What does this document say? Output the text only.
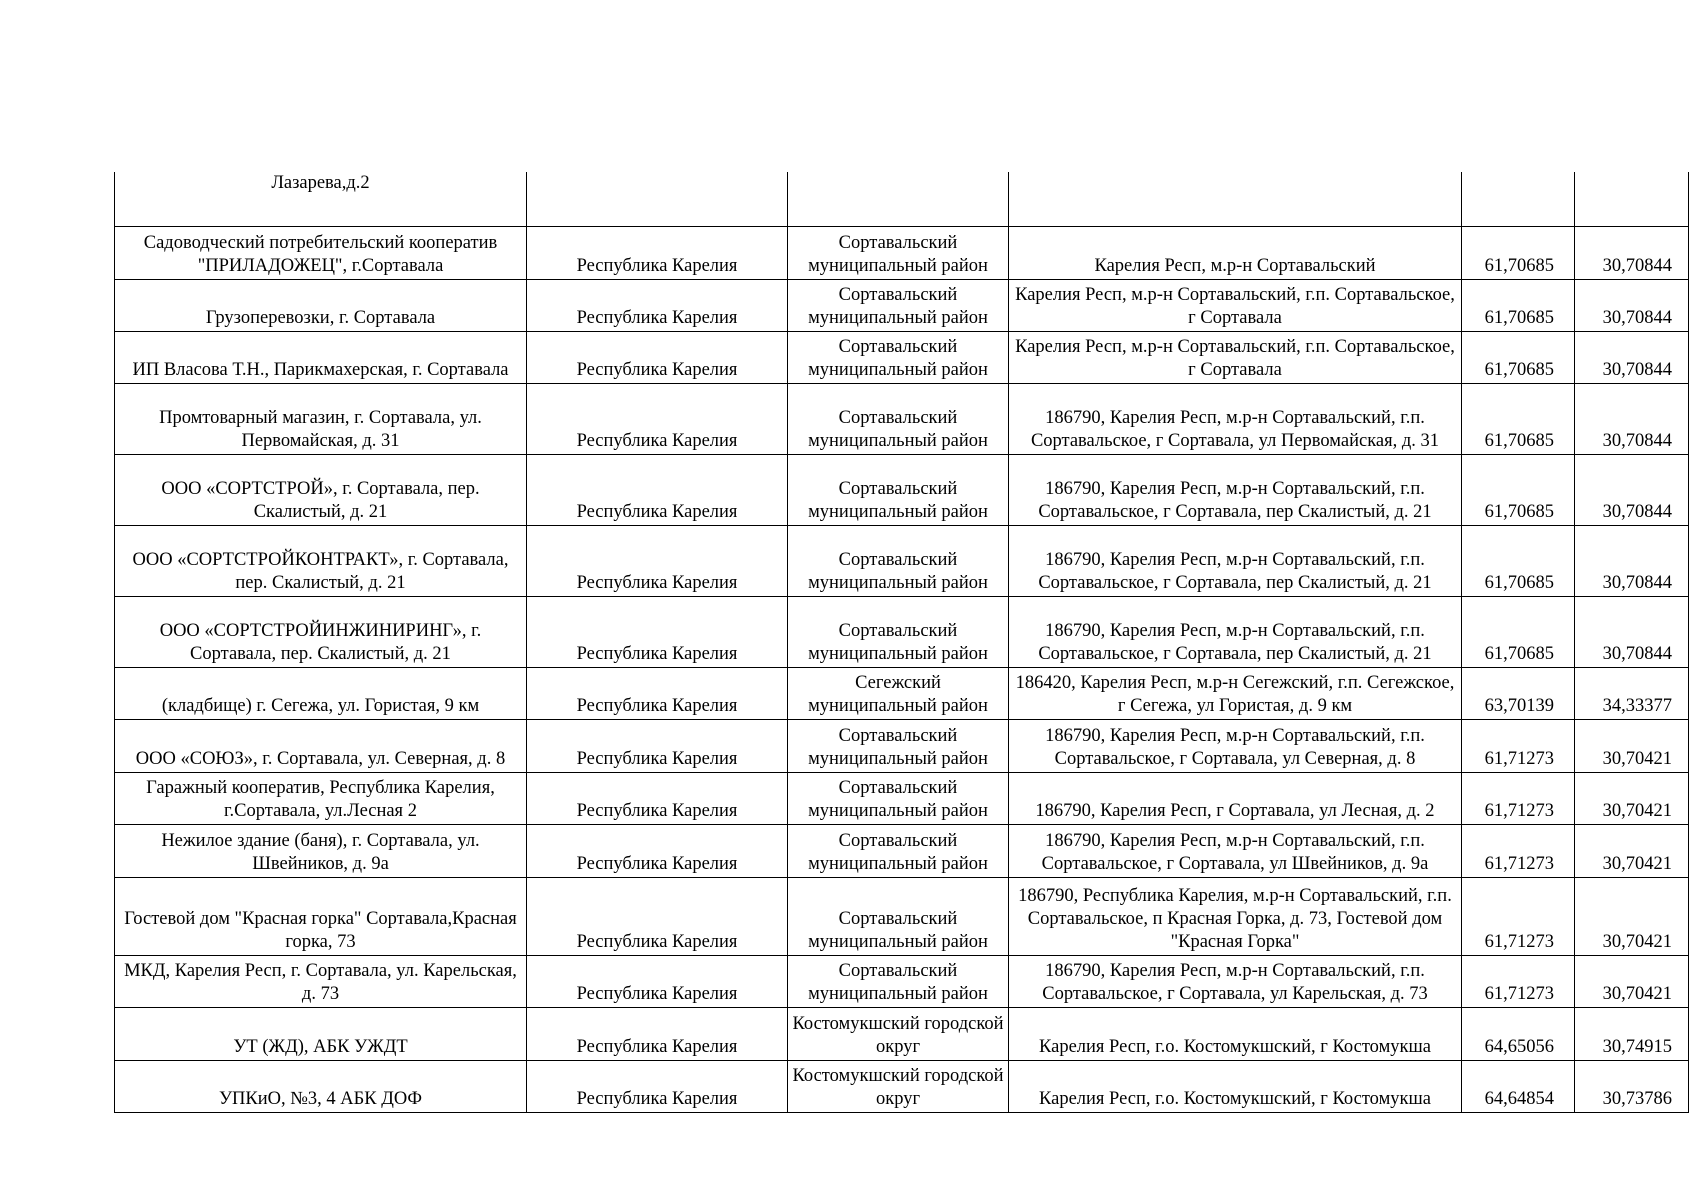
Лазарева,д.2					
Садоводческий потребительский кооператив "ПРИЛАДОЖЕЦ", г.Сортавала	Республика Карелия	Сортавальский муниципальный район	Карелия Респ, м.р-н Сортавальский	61,70685	30,70844
Грузоперевозки, г. Сортавала	Республика Карелия	Сортавальский муниципальный район	Карелия Респ, м.р-н Сортавальский, г.п. Сортавальское, г Сортавала	61,70685	30,70844
ИП Власова Т.Н., Парикмахерская, г. Сортавала	Республика Карелия	Сортавальский муниципальный район	Карелия Респ, м.р-н Сортавальский, г.п. Сортавальское, г Сортавала	61,70685	30,70844
Промтоварный магазин, г. Сортавала, ул. Первомайская, д. 31	Республика Карелия	Сортавальский муниципальный район	186790, Карелия Респ, м.р-н Сортавальский, г.п. Сортавальское, г Сортавала, ул Первомайская, д. 31	61,70685	30,70844
ООО «СОРТСТРОЙ», г. Сортавала, пер. Скалистый, д. 21	Республика Карелия	Сортавальский муниципальный район	186790, Карелия Респ, м.р-н Сортавальский, г.п. Сортавальское, г Сортавала, пер Скалистый, д. 21	61,70685	30,70844
ООО «СОРТСТРОЙКОНТРАКТ», г. Сортавала, пер. Скалистый, д. 21	Республика Карелия	Сортавальский муниципальный район	186790, Карелия Респ, м.р-н Сортавальский, г.п. Сортавальское, г Сортавала, пер Скалистый, д. 21	61,70685	30,70844
ООО «СОРТСТРОЙИНЖИНИРИНГ», г. Сортавала, пер. Скалистый, д. 21	Республика Карелия	Сортавальский муниципальный район	186790, Карелия Респ, м.р-н Сортавальский, г.п. Сортавальское, г Сортавала, пер Скалистый, д. 21	61,70685	30,70844
(кладбище) г. Сегежа, ул. Гористая, 9 км	Республика Карелия	Сегежский муниципальный район	186420, Карелия Респ, м.р-н Сегежский, г.п. Сегежское, г Сегежа, ул Гористая, д. 9 км	63,70139	34,33377
ООО «СОЮЗ», г. Сортавала, ул. Северная, д. 8	Республика Карелия	Сортавальский муниципальный район	186790, Карелия Респ, м.р-н Сортавальский, г.п. Сортавальское, г Сортавала, ул Северная, д. 8	61,71273	30,70421
Гаражный кооператив, Республика Карелия, г.Сортавала, ул.Лесная 2	Республика Карелия	Сортавальский муниципальный район	186790, Карелия Респ, г Сортавала, ул Лесная, д. 2	61,71273	30,70421
Нежилое здание (баня), г. Сортавала, ул. Швейников, д. 9а	Республика Карелия	Сортавальский муниципальный район	186790, Карелия Респ, м.р-н Сортавальский, г.п. Сортавальское, г Сортавала, ул Швейников, д. 9а	61,71273	30,70421
Гостевой дом "Красная горка" Сортавала,Красная горка, 73	Республика Карелия	Сортавальский муниципальный район	186790, Республика Карелия, м.р-н Сортавальский, г.п. Сортавальское, п Красная Горка, д. 73, Гостевой дом "Красная Горка"	61,71273	30,70421
МКД, Карелия Респ, г. Сортавала, ул. Карельская, д. 73	Республика Карелия	Сортавальский муниципальный район	186790, Карелия Респ, м.р-н Сортавальский, г.п. Сортавальское, г Сортавала, ул Карельская, д. 73	61,71273	30,70421
УТ (ЖД), АБК УЖДТ	Республика Карелия	Костомукшский городской округ	Карелия Респ, г.о. Костомукшский, г Костомукша	64,65056	30,74915
УПКиО, №3, 4 АБК ДОФ	Республика Карелия	Костомукшский городской округ	Карелия Респ, г.о. Костомукшский, г Костомукша	64,64854	30,73786
